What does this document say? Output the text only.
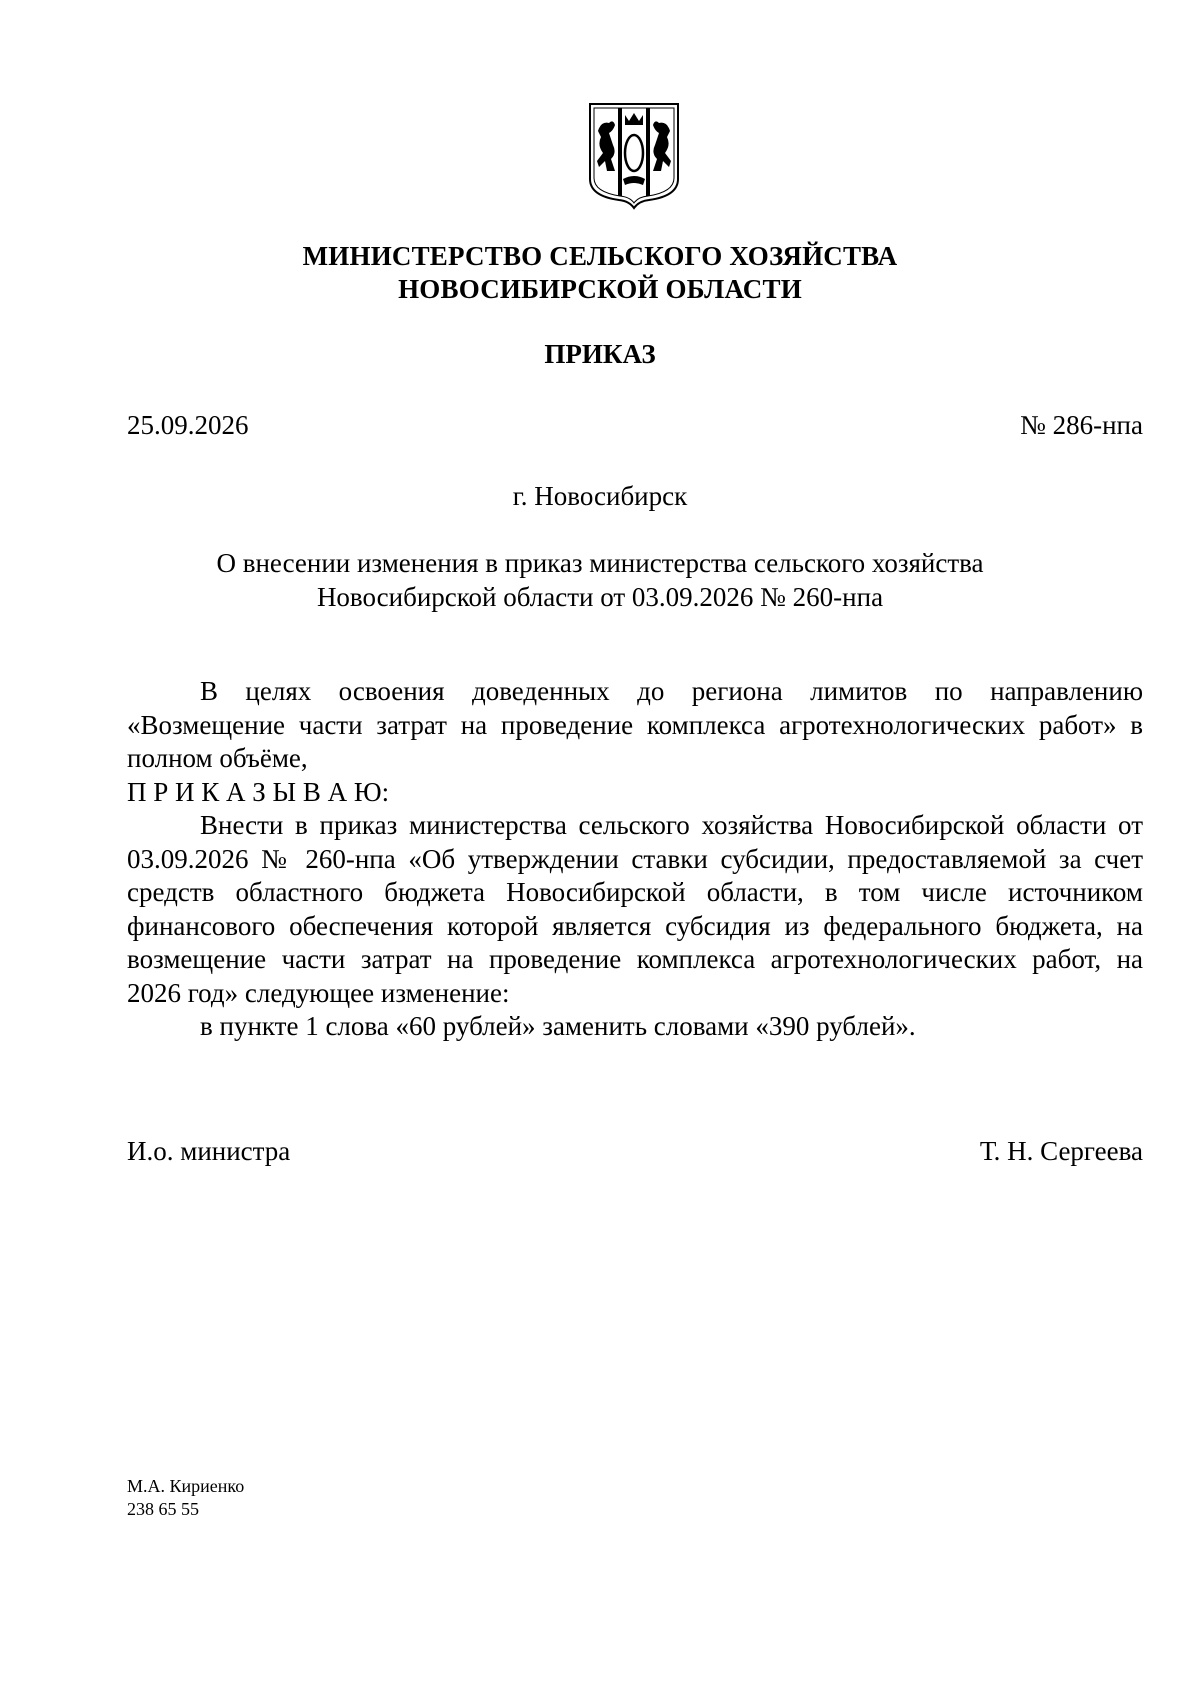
МИНИСТЕРСТВО СЕЛЬСКОГО ХОЗЯЙСТВА
НОВОСИБИРСКОЙ ОБЛАСТИ
ПРИКАЗ
25.09.2026	№ 286-нпа
г. Новосибирск
О внесении изменения в приказ министерства сельского хозяйства
Новосибирской области от 03.09.2026 № 260-нпа
В целях освоения доведенных до региона лимитов по направлению
«Возмещение части затрат на проведение комплекса агротехнологических работ» в
полном объёме,
П Р И К А З Ы В А Ю:
Внести в приказ министерства сельского хозяйства Новосибирской области от
03.09.2026 № 260-нпа «Об утверждении ставки субсидии, предоставляемой за счет
средств областного бюджета Новосибирской области, в том числе источником
финансового обеспечения которой является субсидия из федерального бюджета, на
возмещение части затрат на проведение комплекса агротехнологических работ, на
2026 год» следующее изменение:
в пункте 1 слова «60 рублей» заменить словами «390 рублей».
И.о. министра	Т. Н. Сергеева
М.А. Кириенко
238 65 55
